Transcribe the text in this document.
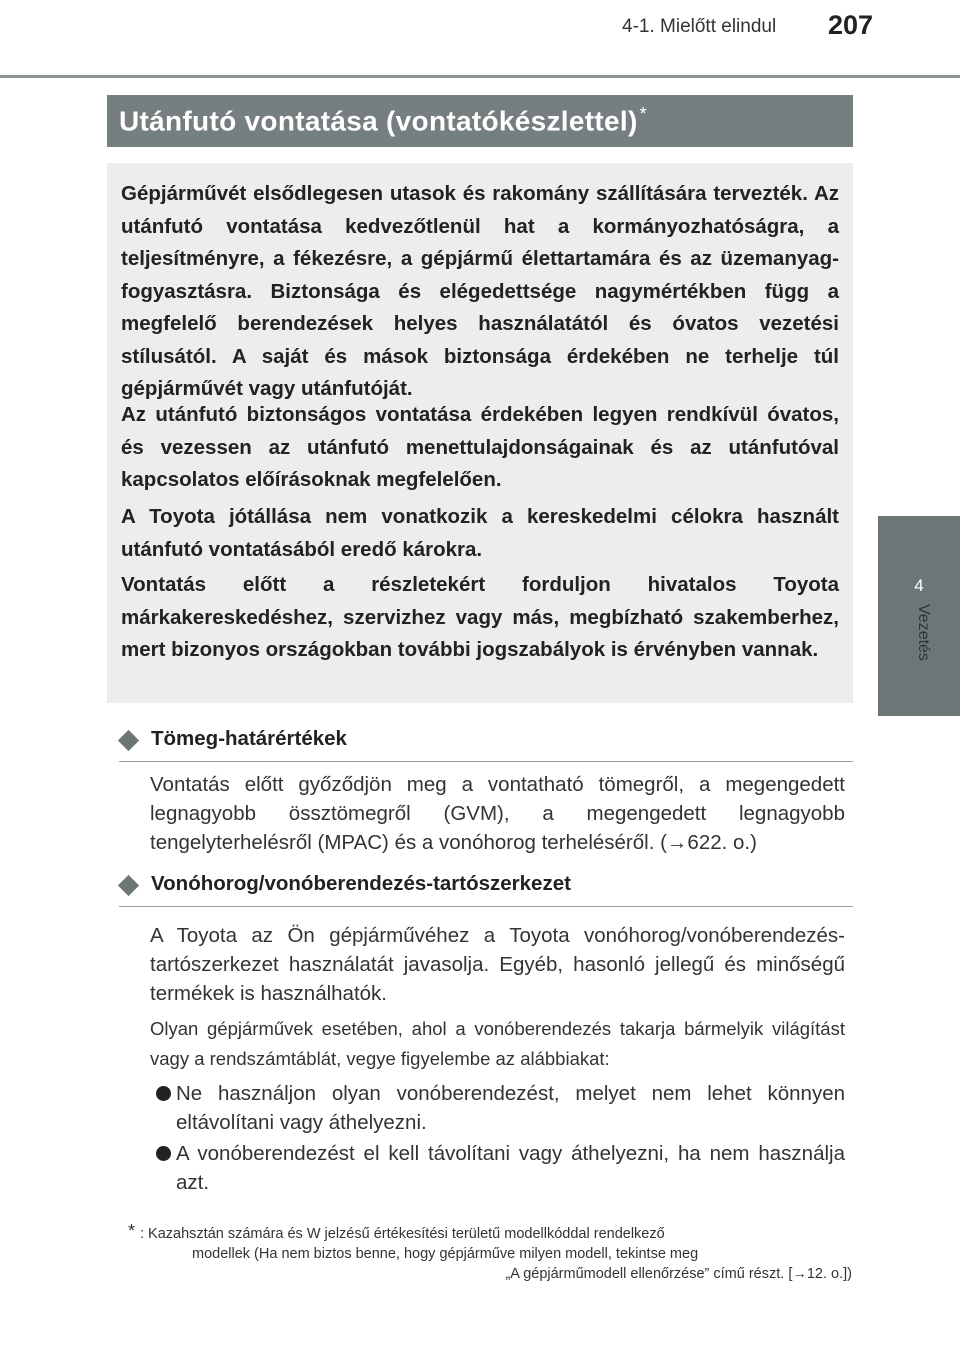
4-1. Mielőtt elindul 207
4
Vezetés
Utánfutó vontatása (vontatókészlettel) *

Gépjárművét elsődlegesen utasok és rakomány szállítására tervezték. Az utánfutó vontatása kedvezőtlenül hat a kormányozhatóságra, a teljesítményre, a fékezésre, a gépjármű élettartamára és az üzemanyag-fogyasztásra. Biztonsága és elégedettsége nagymértékben függ a megfelelő berendezések helyes használatától és óvatos vezetési stílusától. A saját és mások biztonsága érdekében ne terhelje túl gépjárművét vagy utánfutóját.

Az utánfutó biztonságos vontatása érdekében legyen rendkívül óvatos, és vezessen az utánfutó menettulajdonságainak és az utánfutóval kapcsolatos előírásoknak megfelelően.

A Toyota jótállása nem vonatkozik a kereskedelmi célokra használt utánfutó vontatásából eredő károkra.

Vontatás előtt a részletekért forduljon hivatalos Toyota márkakereskedéshez, szervizhez vagy más, megbízható szakemberhez, mert bizonyos országokban további jogszabályok is érvényben vannak.

Tömeg-határértékek

Vontatás előtt győződjön meg a vontatható tömegről, a megengedett legnagyobb össztömegről (GVM), a megengedett legnagyobb tengelyterhelésről (MPAC) és a vonóhorog terheléséről. (→622. o.)

Vonóhorog/vonóberendezés-tartószerkezet

A Toyota az Ön gépjárművéhez a Toyota vonóhorog/vonóberendezés-tartószerkezet használatát javasolja. Egyéb, hasonló jellegű és minőségű termékek is használhatók.

Olyan gépjárművek esetében, ahol a vonóberendezés takarja bármelyik világítást vagy a rendszámtáblát, vegye figyelembe az alábbiakat:

Ne használjon olyan vonóberendezést, melyet nem lehet könnyen eltávolítani vagy áthelyezni.

A vonóberendezést el kell távolítani vagy áthelyezni, ha nem használja azt.

* : Kazahsztán számára és W jelzésű értékesítési területű modellkóddal rendelkező
modellek (Ha nem biztos benne, hogy gépjárműve milyen modell, tekintse meg
„A gépjárműmodell ellenőrzése” című részt. [→12. o.])
